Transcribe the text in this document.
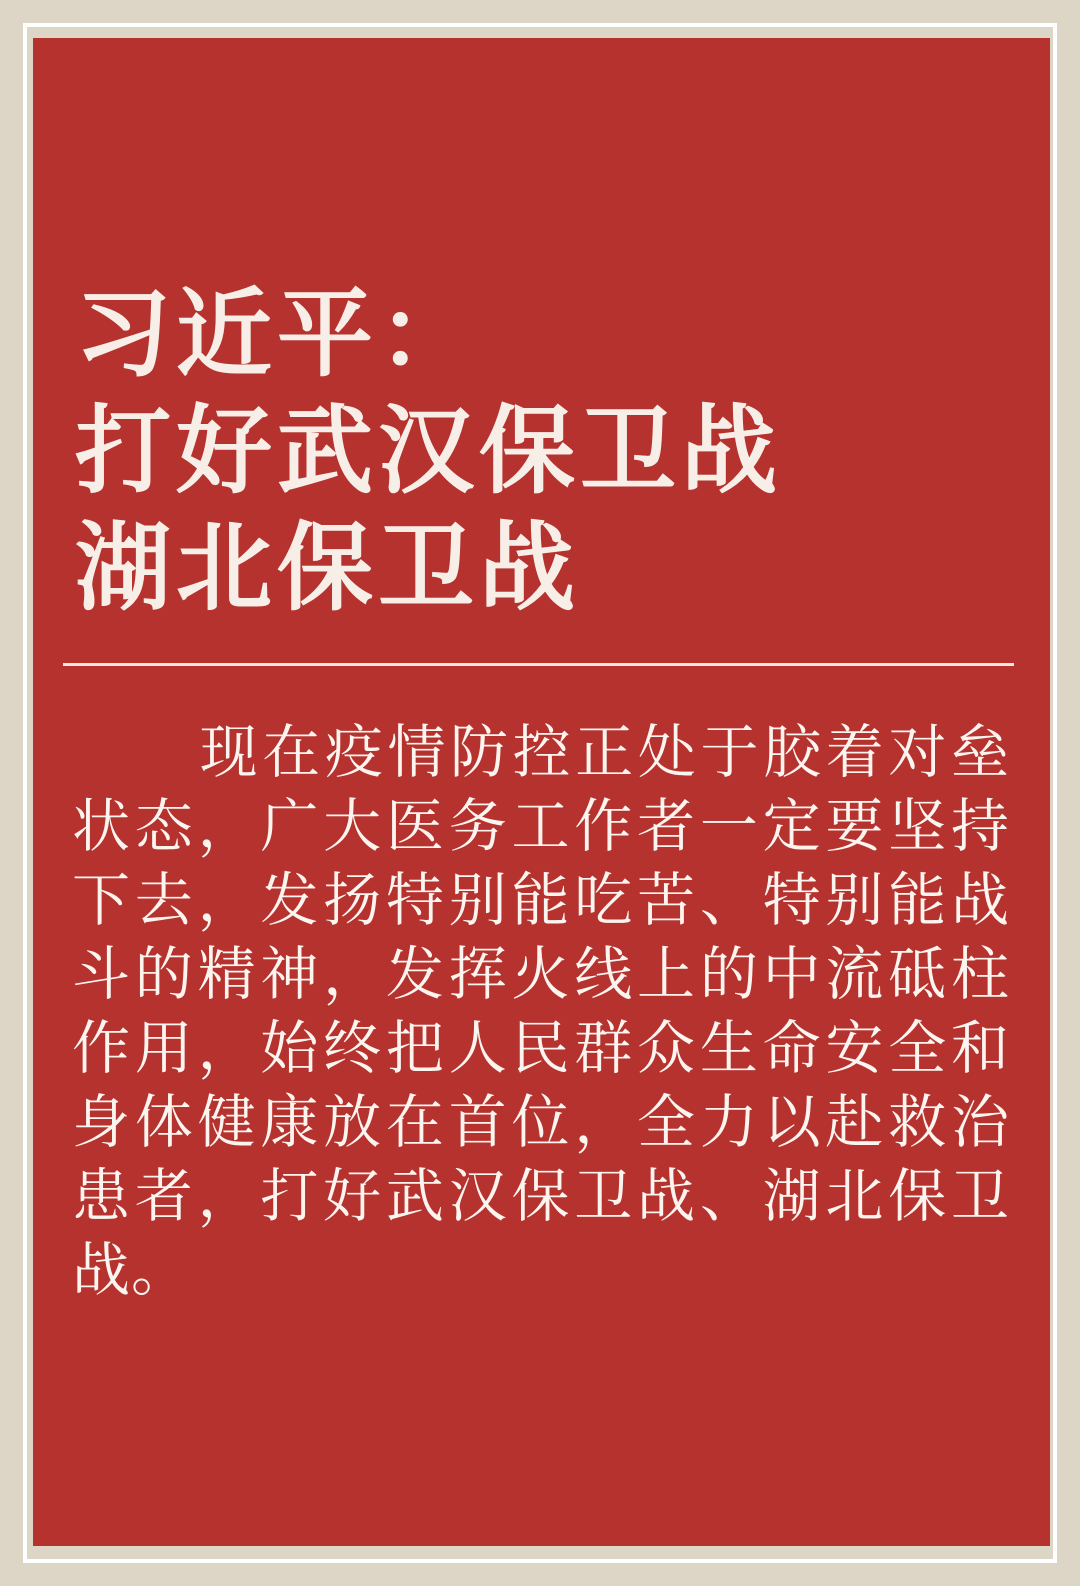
习近平：
打好武汉保卫战
湖北保卫战

现在疫情防控正处于胶着对垒状态，广大医务工作者一定要坚持下去，发扬特别能吃苦、特别能战斗的精神，发挥火线上的中流砥柱作用，始终把人民群众生命安全和身体健康放在首位，全力以赴救治患者，打好武汉保卫战、湖北保卫战。
